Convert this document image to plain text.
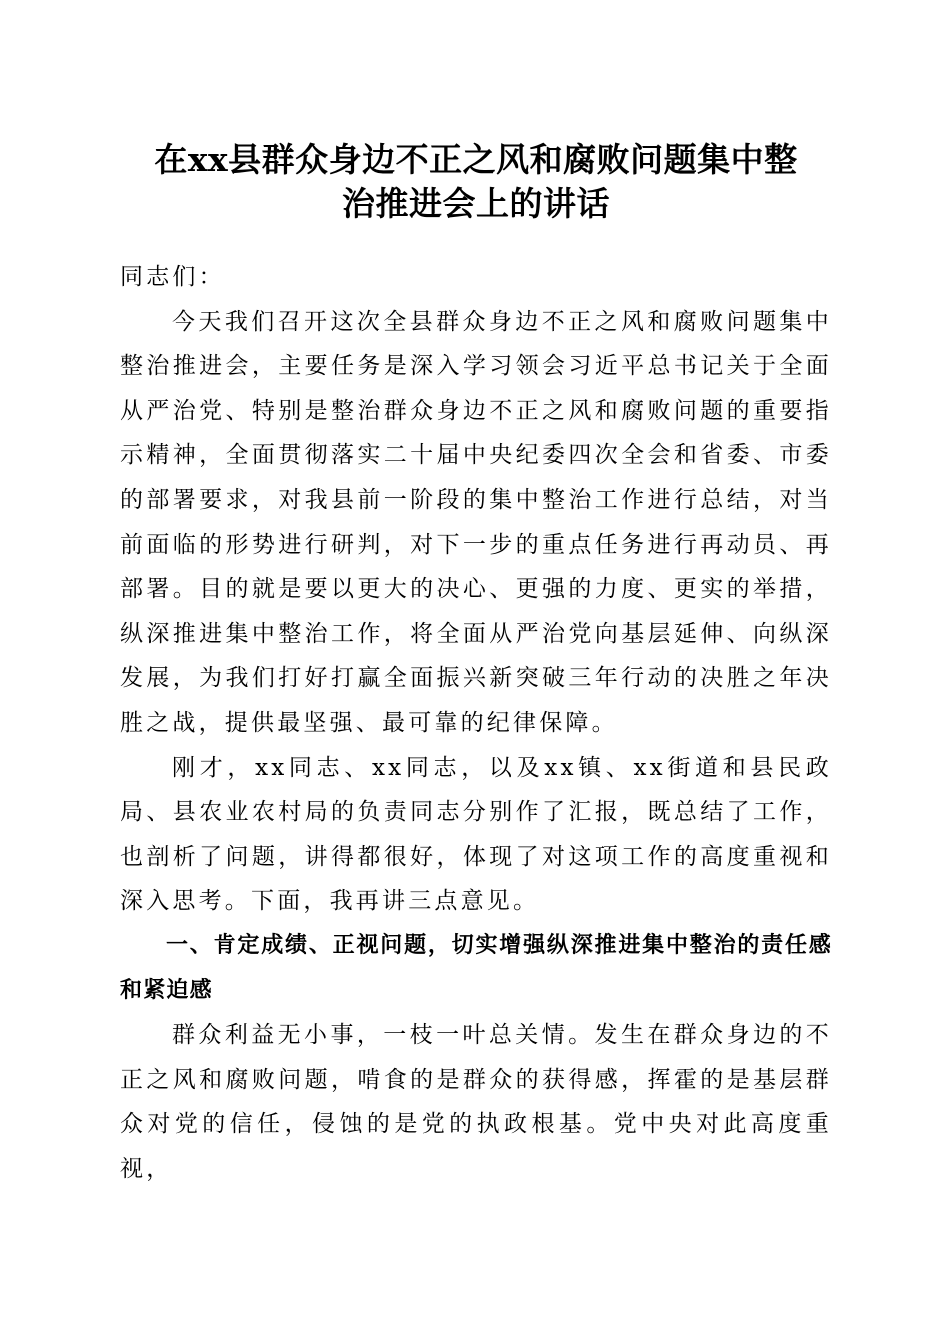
在xx县群众身边不正之风和腐败问题集中整
治推进会上的讲话

同志们：

今天我们召开这次全县群众身边不正之风和腐败问题集中整治推进会，主要任务是深入学习领会习近平总书记关于全面从严治党、特别是整治群众身边不正之风和腐败问题的重要指示精神，全面贯彻落实二十届中央纪委四次全会和省委、市委的部署要求，对我县前一阶段的集中整治工作进行总结，对当前面临的形势进行研判，对下一步的重点任务进行再动员、再部署。目的就是要以更大的决心、更强的力度、更实的举措，纵深推进集中整治工作，将全面从严治党向基层延伸、向纵深发展，为我们打好打赢全面振兴新突破三年行动的决胜之年决胜之战，提供最坚强、最可靠的纪律保障。

刚才，xx同志、xx同志，以及xx镇、xx街道和县民政局、县农业农村局的负责同志分别作了汇报，既总结了工作，也剖析了问题，讲得都很好，体现了对这项工作的高度重视和深入思考。下面，我再讲三点意见。

一、肯定成绩、正视问题，切实增强纵深推进集中整治的责任感和紧迫感

群众利益无小事，一枝一叶总关情。发生在群众身边的不正之风和腐败问题，啃食的是群众的获得感，挥霍的是基层群众对党的信任，侵蚀的是党的执政根基。党中央对此高度重视，
